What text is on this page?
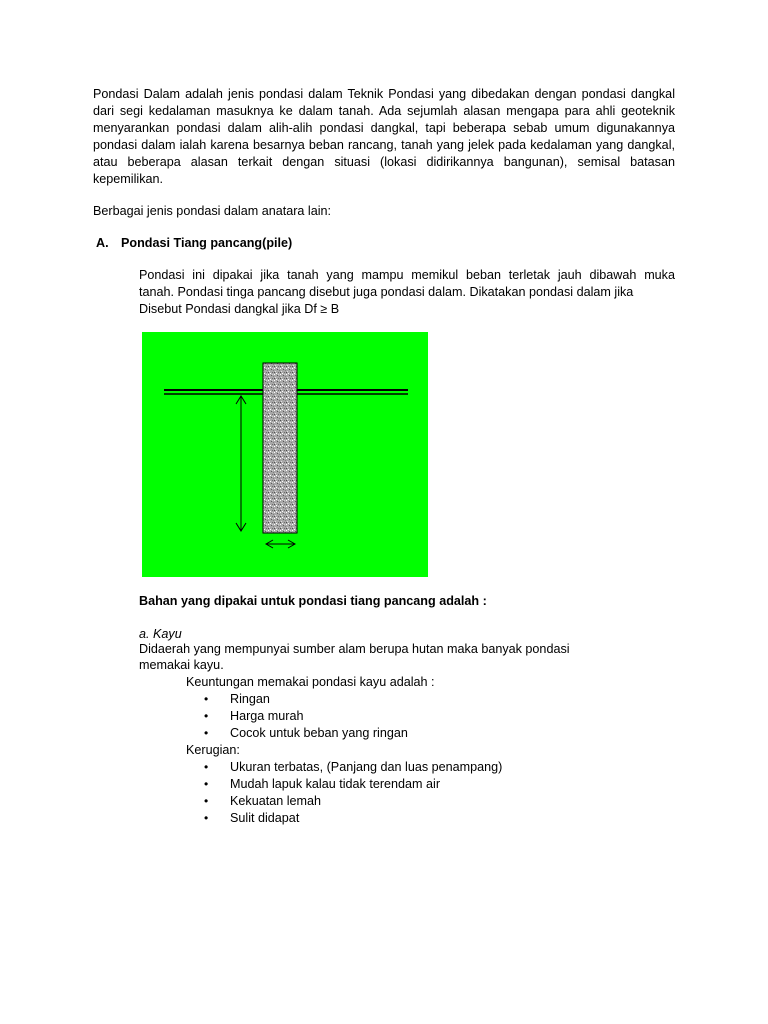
Pondasi Dalam adalah jenis pondasi dalam Teknik Pondasi yang dibedakan dengan pondasi dangkal dari segi kedalaman masuknya ke dalam tanah. Ada sejumlah alasan mengapa para ahli geoteknik menyarankan pondasi dalam alih-alih pondasi dangkal, tapi beberapa sebab umum digunakannya pondasi dalam ialah karena besarnya beban rancang, tanah yang jelek pada kedalaman yang dangkal, atau beberapa alasan terkait dengan situasi (lokasi didirikannya bangunan), semisal batasan kepemilikan.

Berbagai jenis pondasi dalam anatara lain:

A. Pondasi Tiang pancang(pile)

Pondasi ini dipakai jika tanah yang mampu memikul beban terletak jauh dibawah muka

tanah. Pondasi tinga pancang disebut juga pondasi dalam. Dikatakan pondasi dalam jika

Disebut Pondasi dangkal jika Df ≥ B

Bahan yang dipakai untuk pondasi tiang pancang adalah :

a. Kayu

Didaerah yang mempunyai sumber alam berupa hutan maka banyak pondasi

memakai kayu.

Keuntungan memakai pondasi kayu adalah :

• Ringan
• Harga murah
• Cocok untuk beban yang ringan

Kerugian:

• Ukuran terbatas, (Panjang dan luas penampang)
• Mudah lapuk kalau tidak terendam air
• Kekuatan lemah
• Sulit didapat
